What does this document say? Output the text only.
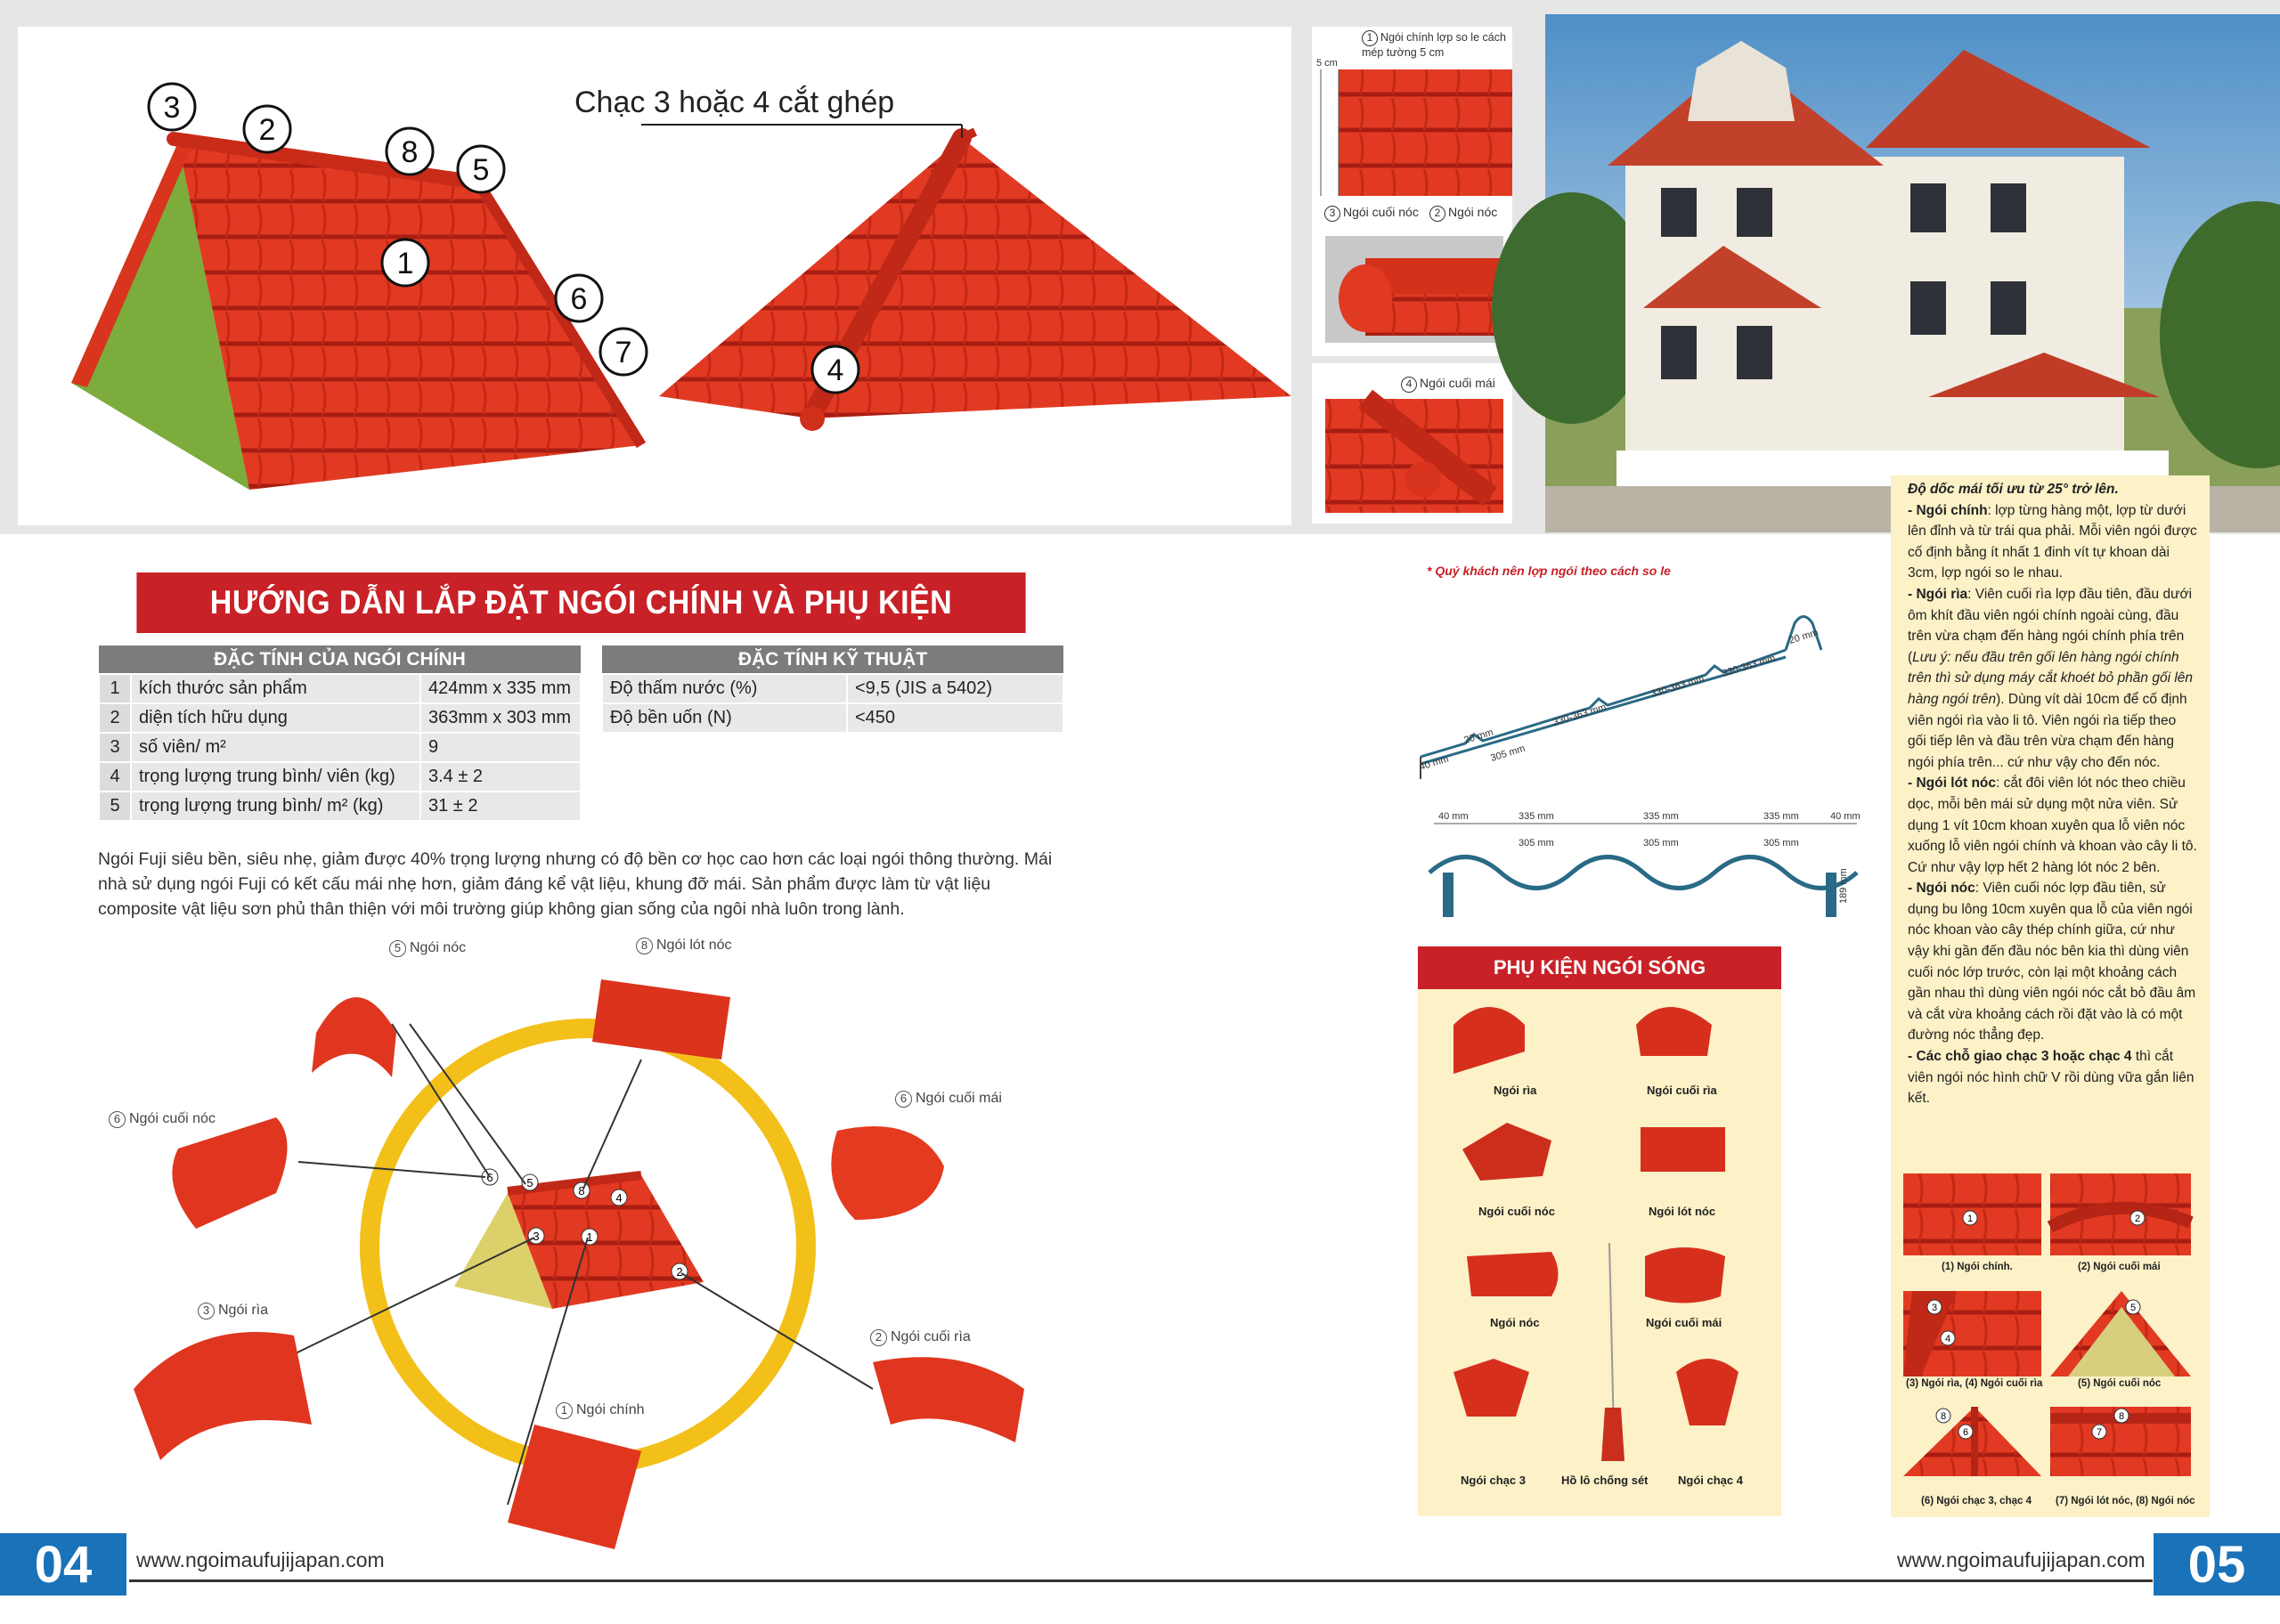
3
2
8
5
1
6
7
4
Chạc 3 hoặc 4 cắt ghép
5 cm
1 Ngói chính lợp so le cách mép tường 5 cm
3 Ngói cuối nóc	2 Ngói nóc
4 Ngói cuối mái
HƯỚNG DẪN LẮP ĐẶT NGÓI CHÍNH VÀ PHỤ KIỆN
ĐẶC TÍNH CỦA NGÓI CHÍNH		
1	kích thước sản phẩm	424mm x 335 mm
2	diện tích hữu dụng	363mm x 303 mm
3	số viên/ m²	9
4	trọng lượng trung bình/ viên (kg)	3.4 ± 2
5	trọng lượng trung bình/ m² (kg)	31 ± 2
ĐẶC TÍNH KỸ THUẬT	
Độ thấm nước (%)	<9,5 (JIS a 5402)
Độ bền uốn (N)	<450
Ngói Fuji siêu bền, siêu nhẹ, giảm được 40% trọng lượng nhưng có độ bền cơ học cao hơn các loại ngói thông thường. Mái nhà sử dụng ngói Fuji có kết cấu mái nhẹ hơn, giảm đáng kể vật liệu, khung đỡ mái. Sản phẩm được làm từ vật liệu composite vật liệu sơn phủ thân thiện với môi trường giúp không gian sống của ngôi nhà luôn trong lành.
6	5
8
4
3	1
2
5 Ngói nóc	8 Ngói lót nóc
6 Ngói cuối nóc
6 Ngói cuối mái
3 Ngói rìa
2 Ngói cuối rìa
1 Ngói chính
* Quý khách nên lợp ngói theo cách so le
40 mm
20 mm
305 mm
330-363 mm
330-363 mm
330-363 mm
20 mm
40 mm	335 mm	335 mm	335 mm	40 mm
305 mm	305 mm	305 mm
189 mm
PHỤ KIỆN NGÓI SÓNG
Ngói rìa	Ngói cuối rìa
Ngói cuối nóc	Ngói lót nóc
Ngói nóc	Ngói cuối mái
Ngói chạc 3	Hồ lô chống sét	Ngói chạc 4

Độ dốc mái tối ưu từ 25° trở lên.

- Ngói chính: lợp từng hàng một, lợp từ dưới lên đỉnh và từ trái qua phải. Mỗi viên ngói được cố định bằng ít nhất 1 đinh vít tự khoan dài 3cm, lợp ngói so le nhau.

- Ngói rìa: Viên cuối rìa lợp đầu tiên, đầu dưới ôm khít đầu viên ngói chính ngoài cùng, đầu trên vừa chạm đến hàng ngói chính phía trên (Lưu ý: nếu đầu trên gối lên hàng ngói chính trên thì sử dụng máy cắt khoét bỏ phần gối lên hàng ngói trên). Dùng vít dài 10cm để cố định viên ngói rìa vào li tô. Viên ngói rìa tiếp theo gối tiếp lên và đầu trên vừa chạm đến hàng ngói phía trên... cứ như vậy cho đến nóc.

- Ngói lót nóc: cắt đôi viên lót nóc theo chiều dọc, mỗi bên mái sử dụng một nửa viên. Sử dụng 1 vít 10cm khoan xuyên qua lỗ viên nóc xuống lỗ viên ngói chính và khoan vào cây li tô. Cứ như vậy lợp hết 2 hàng lót nóc 2 bên.

- Ngói nóc: Viên cuối nóc lợp đầu tiên, sử dụng bu lông 10cm xuyên qua lỗ của viên ngói nóc khoan vào cây thép chính giữa, cứ như vậy khi gần đến đầu nóc bên kia thì dùng viên cuối nóc lớp trước, còn lại một khoảng cách gần nhau thì dùng viên ngói nóc cắt bỏ đầu âm và cắt vừa khoảng cách rồi đặt vào là có một đường nóc thẳng đẹp.

- Các chỗ giao chạc 3 hoặc chạc 4 thì cắt viên ngói nóc hình chữ V rồi dùng vữa gắn liên kết.

1	2
3
4
5
8
6
8
7
(1) Ngói chính.	(2) Ngói cuối mái
(3) Ngói rìa, (4) Ngói cuối rìa	(5) Ngói cuối nóc
(6) Ngói chạc 3, chạc 4 (7) Ngói lót nóc, (8) Ngói nóc
04	www.ngoimaufujijapan.com	www.ngoimaufujijapan.com 05
